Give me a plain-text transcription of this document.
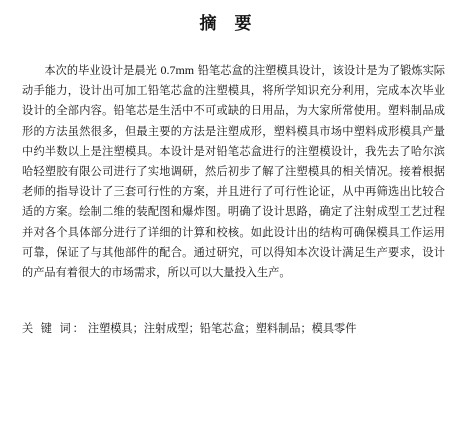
摘 要

本次的毕业设计是晨光 0.7mm 铅笔芯盒的注塑模具设计，该设计是为了锻炼实际动手能力，设计出可加工铅笔芯盒的注塑模具，将所学知识充分利用，完成本次毕业设计的全部内容。铅笔芯是生活中不可或缺的日用品，为大家所常使用。塑料制品成形的方法虽然很多，但最主要的方法是注塑成形，塑料模具市场中塑料成形模具产量中约半数以上是注塑模具。本设计是对铅笔芯盒进行的注塑模设计，我先去了哈尔滨哈轻塑胶有限公司进行了实地调研，然后初步了解了注塑模具的相关情况。接着根据老师的指导设计了三套可行性的方案，并且进行了可行性论证，从中再筛选出比较合适的方案。绘制二维的装配图和爆炸图。明确了设计思路，确定了注射成型工艺过程并对各个具体部分进行了详细的计算和校核。如此设计出的结构可确保模具工作运用可靠，保证了与其他部件的配合。通过研究，可以得知本次设计满足生产要求，设计的产品有着很大的市场需求，所以可以大量投入生产。

关 键 词： 注塑模具；注射成型；铅笔芯盒；塑料制品；模具零件
